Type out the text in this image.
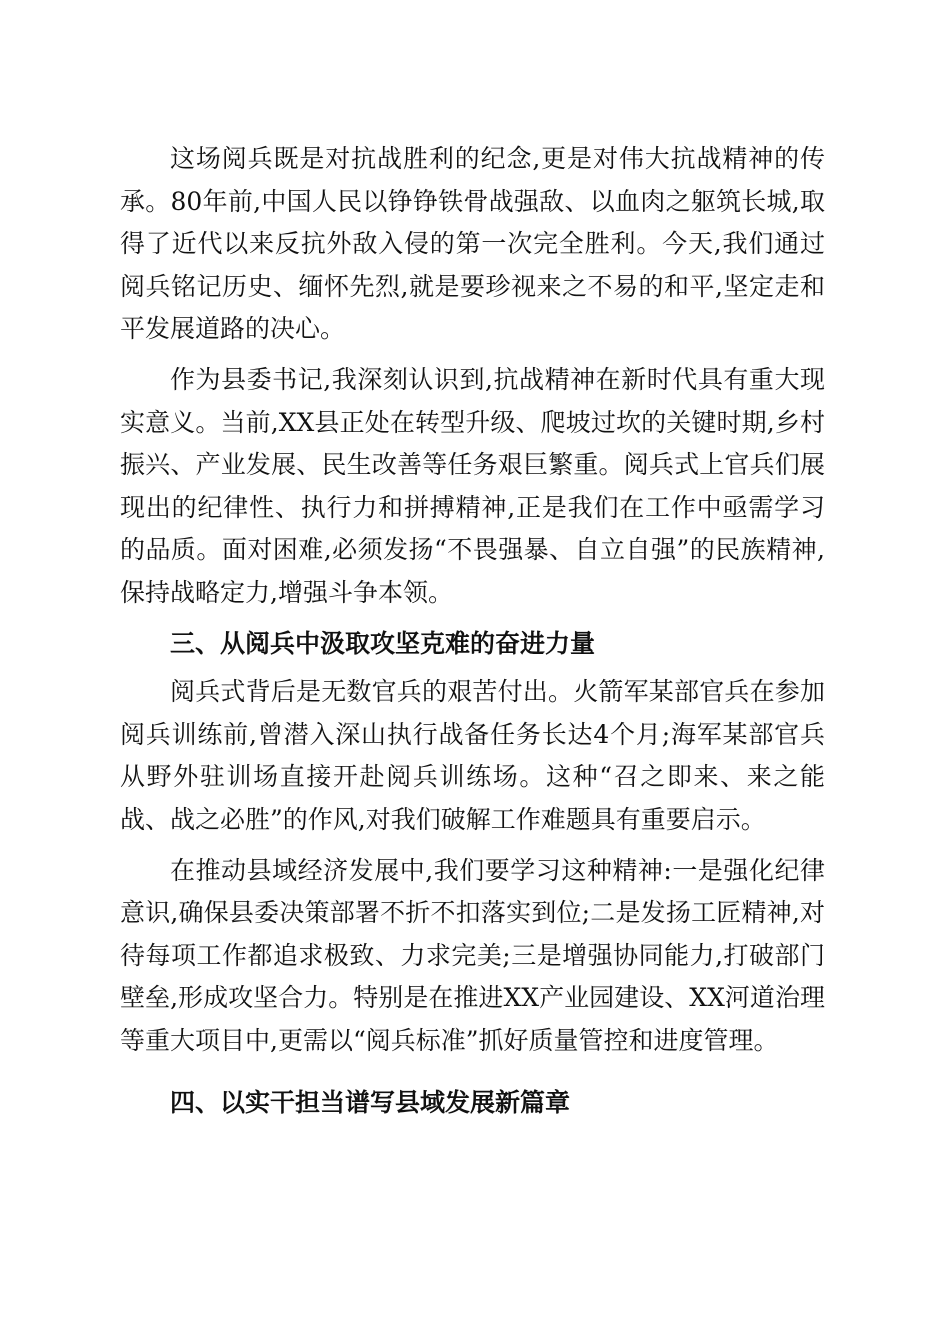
这场阅兵既是对抗战胜利的纪念,更是对伟大抗战精神的传承。80年前,中国人民以铮铮铁骨战强敌、以血肉之躯筑长城,取得了近代以来反抗外敌入侵的第一次完全胜利。今天,我们通过阅兵铭记历史、缅怀先烈,就是要珍视来之不易的和平,坚定走和平发展道路的决心。

作为县委书记,我深刻认识到,抗战精神在新时代具有重大现实意义。当前,XX县正处在转型升级、爬坡过坎的关键时期,乡村振兴、产业发展、民生改善等任务艰巨繁重。阅兵式上官兵们展现出的纪律性、执行力和拼搏精神,正是我们在工作中亟需学习的品质。面对困难,必须发扬“不畏强暴、自立自强”的民族精神,保持战略定力,增强斗争本领。

三、从阅兵中汲取攻坚克难的奋进力量

阅兵式背后是无数官兵的艰苦付出。火箭军某部官兵在参加阅兵训练前,曾潜入深山执行战备任务长达4个月;海军某部官兵从野外驻训场直接开赴阅兵训练场。这种“召之即来、来之能战、战之必胜”的作风,对我们破解工作难题具有重要启示。

在推动县域经济发展中,我们要学习这种精神:一是强化纪律意识,确保县委决策部署不折不扣落实到位;二是发扬工匠精神,对待每项工作都追求极致、力求完美;三是增强协同能力,打破部门壁垒,形成攻坚合力。特别是在推进XX产业园建设、XX河道治理等重大项目中,更需以“阅兵标准”抓好质量管控和进度管理。

四、以实干担当谱写县域发展新篇章
